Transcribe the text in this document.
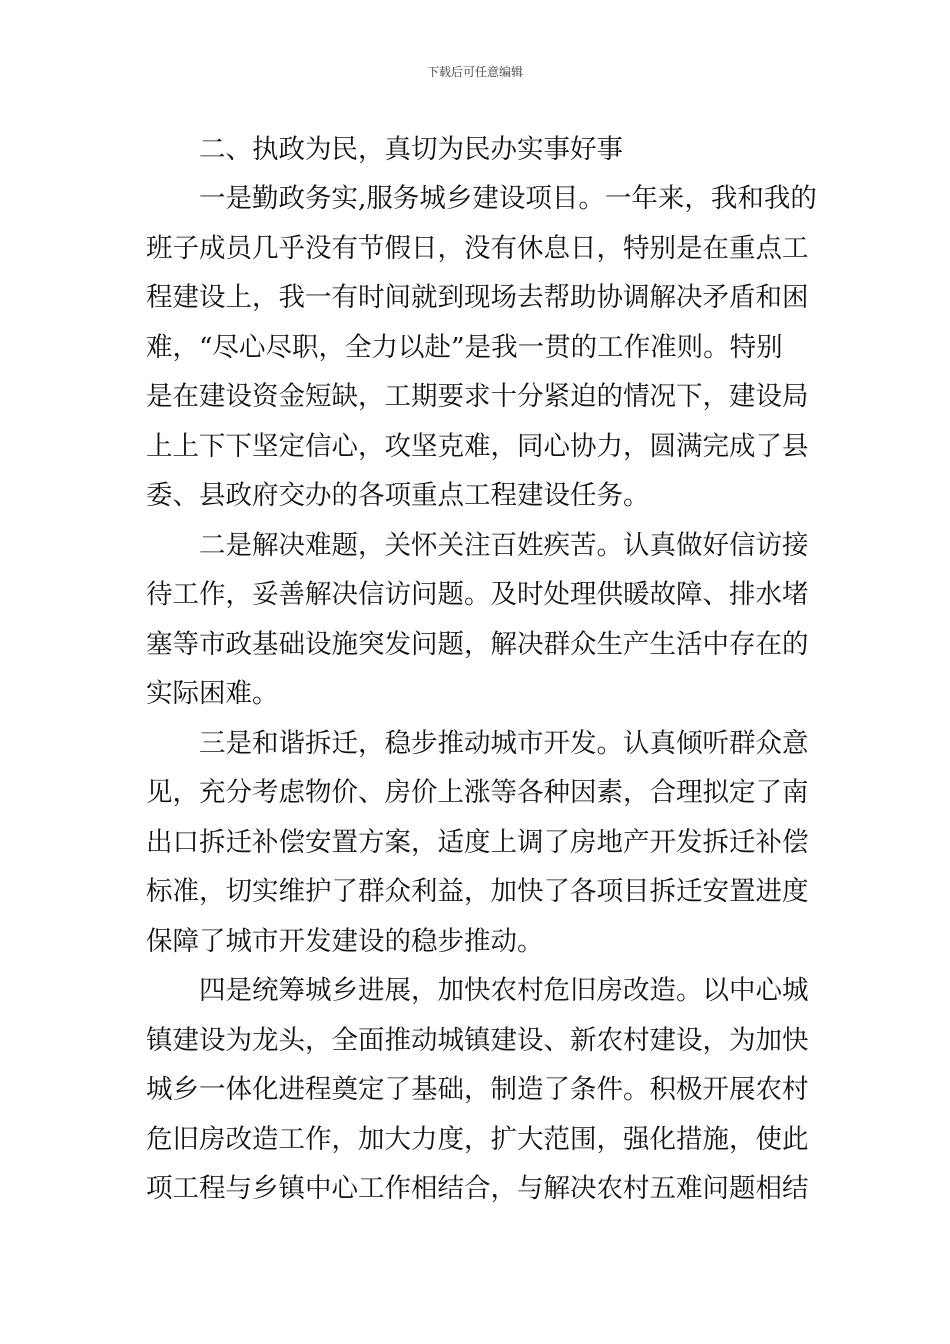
下载后可任意编辑
二、执政为民，真切为民办实事好事
一是勤政务实,服务城乡建设项目。一年来，我和我的
班子成员几乎没有节假日，没有休息日，特别是在重点工
程建设上，我一有时间就到现场去帮助协调解决矛盾和困
难，“尽心尽职，全力以赴”是我一贯的工作准则。特别
是在建设资金短缺，工期要求十分紧迫的情况下，建设局
上上下下坚定信心，攻坚克难，同心协力，圆满完成了县
委、县政府交办的各项重点工程建设任务。
二是解决难题，关怀关注百姓疾苦。认真做好信访接
待工作，妥善解决信访问题。及时处理供暖故障、排水堵
塞等市政基础设施突发问题，解决群众生产生活中存在的
实际困难。
三是和谐拆迁，稳步推动城市开发。认真倾听群众意
见，充分考虑物价、房价上涨等各种因素，合理拟定了南
出口拆迁补偿安置方案，适度上调了房地产开发拆迁补偿
标准，切实维护了群众利益，加快了各项目拆迁安置进度
保障了城市开发建设的稳步推动。
四是统筹城乡进展，加快农村危旧房改造。以中心城
镇建设为龙头，全面推动城镇建设、新农村建设，为加快
城乡一体化进程奠定了基础，制造了条件。积极开展农村
危旧房改造工作，加大力度，扩大范围，强化措施，使此
项工程与乡镇中心工作相结合，与解决农村五难问题相结
